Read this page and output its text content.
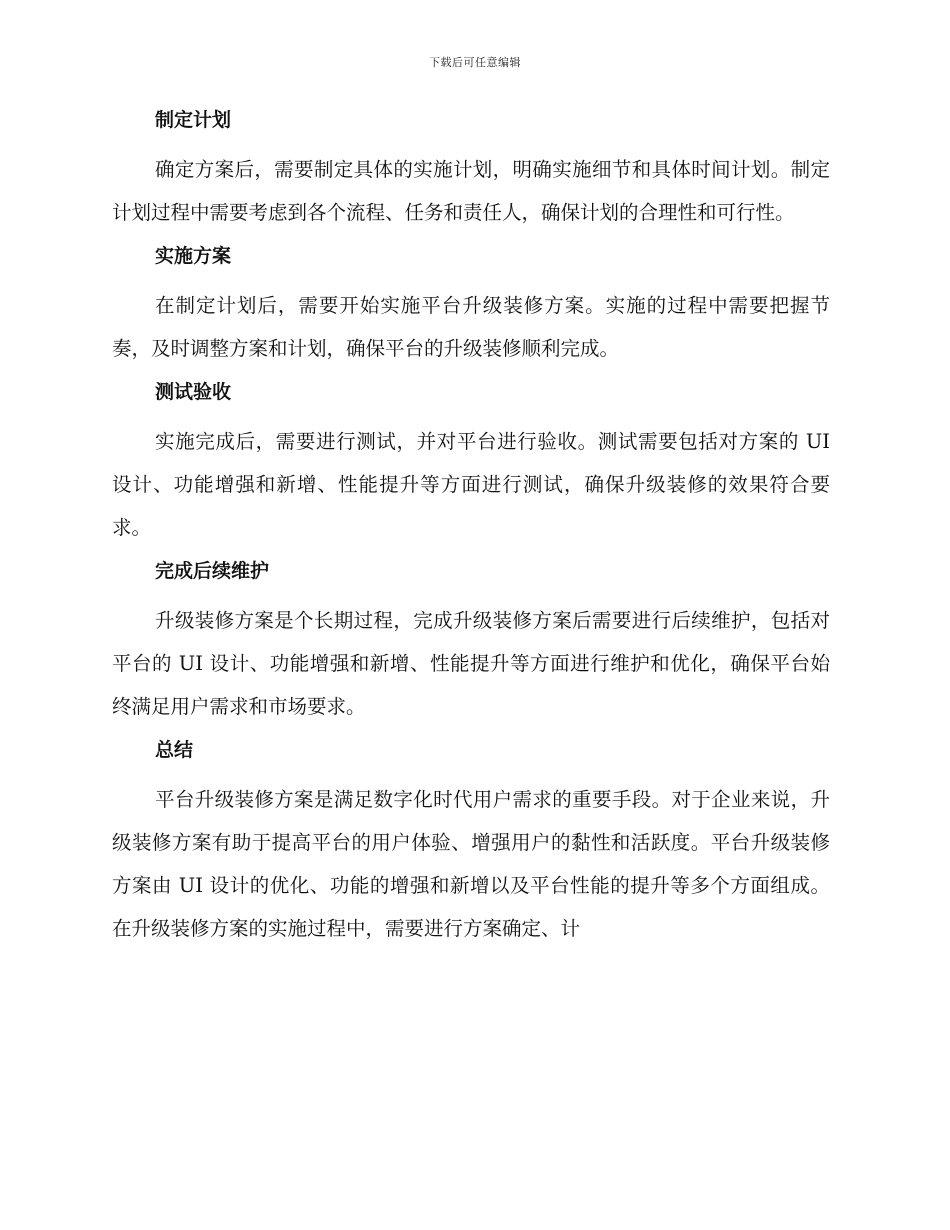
下载后可任意编辑
制定计划
确定方案后，需要制定具体的实施计划，明确实施细节和具体时间计划。制定计划过程中需要考虑到各个流程、任务和责任人，确保计划的合理性和可行性。
实施方案
在制定计划后，需要开始实施平台升级装修方案。实施的过程中需要把握节奏，及时调整方案和计划，确保平台的升级装修顺利完成。
测试验收
实施完成后，需要进行测试，并对平台进行验收。测试需要包括对方案的 UI 设计、功能增强和新增、性能提升等方面进行测试，确保升级装修的效果符合要求。
完成后续维护
升级装修方案是个长期过程，完成升级装修方案后需要进行后续维护，包括对平台的 UI 设计、功能增强和新增、性能提升等方面进行维护和优化，确保平台始终满足用户需求和市场要求。
总结
平台升级装修方案是满足数字化时代用户需求的重要手段。对于企业来说，升级装修方案有助于提高平台的用户体验、增强用户的黏性和活跃度。平台升级装修方案由 UI 设计的优化、功能的增强和新增以及平台性能的提升等多个方面组成。在升级装修方案的实施过程中，需要进行方案确定、计
